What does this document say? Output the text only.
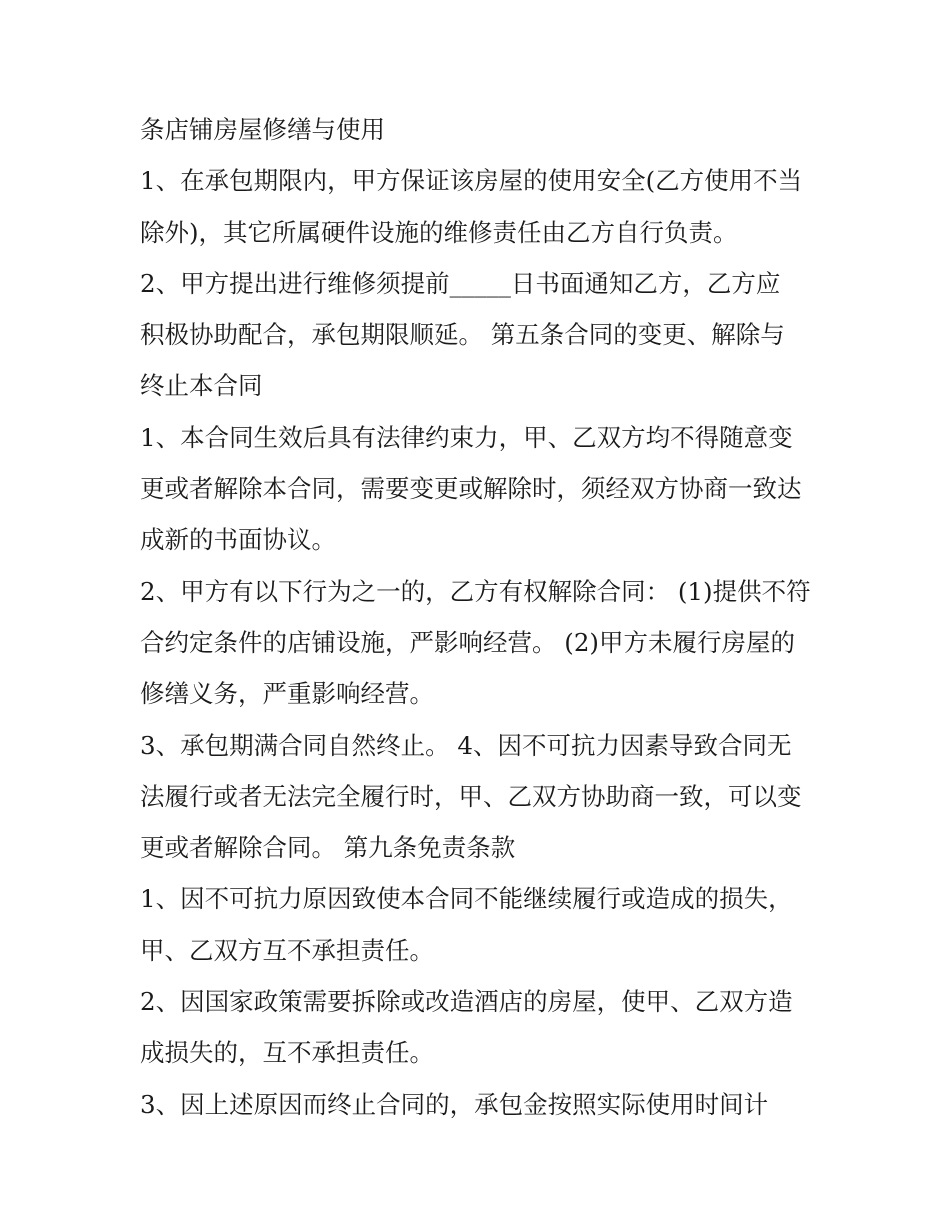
条店铺房屋修缮与使用
1、在承包期限内，甲方保证该房屋的使用安全(乙方使用不当
除外)，其它所属硬件设施的维修责任由乙方自行负责。
2、甲方提出进行维修须提前_____日书面通知乙方，乙方应
积极协助配合，承包期限顺延。 第五条合同的变更、解除与
终止本合同
1、本合同生效后具有法律约束力，甲、乙双方均不得随意变
更或者解除本合同，需要变更或解除时，须经双方协商一致达
成新的书面协议。
2、甲方有以下行为之一的，乙方有权解除合同： (1)提供不符
合约定条件的店铺设施，严影响经营。 (2)甲方未履行房屋的
修缮义务，严重影响经营。
3、承包期满合同自然终止。 4、因不可抗力因素导致合同无
法履行或者无法完全履行时，甲、乙双方协助商一致，可以变
更或者解除合同。 第九条免责条款
1、因不可抗力原因致使本合同不能继续履行或造成的损失，
甲、乙双方互不承担责任。
2、因国家政策需要拆除或改造酒店的房屋，使甲、乙双方造
成损失的，互不承担责任。
3、因上述原因而终止合同的，承包金按照实际使用时间计
